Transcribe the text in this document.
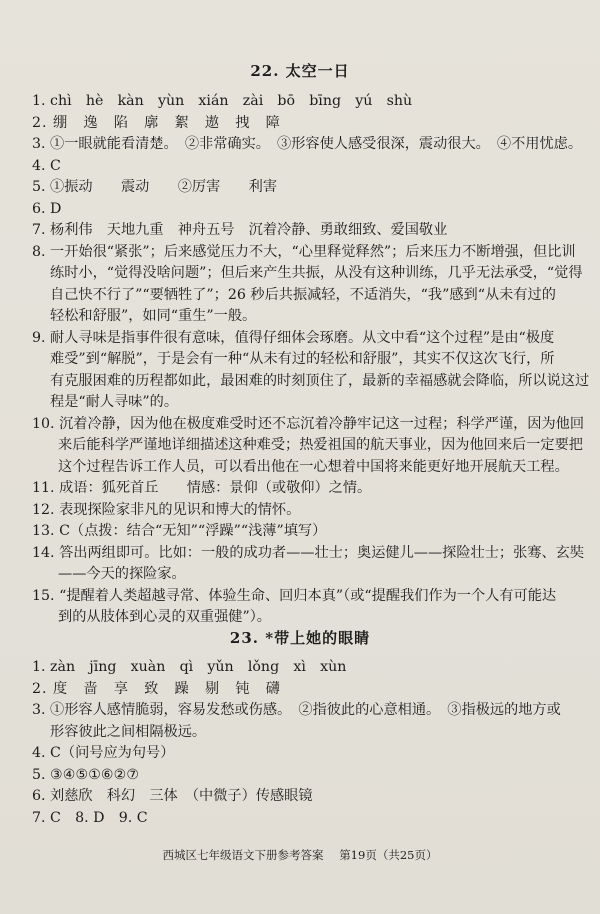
22. 太空一日
1. chì　hè　kàn　yùn　xián　zài　bō　bīng　yú　shù
2. 绷　逸　陷　廓　絮　遨　拽　障
3. ①一眼就能看清楚。　②非常确实。　③形容使人感受很深，震动很大。　④不用忧虑。
4. C
5. ①振动　　震动　　②厉害　　利害
6. D
7. 杨利伟　天地九重　神舟五号　沉着冷静、勇敢细致、爱国敬业
8. 一开始很“紧张”；后来感觉压力不大，“心里释觉释然”；后来压力不断增强，但比训
练时小，“觉得没啥问题”；但后来产生共振，从没有这种训练，几乎无法承受，“觉得
自己快不行了”“要牺牲了”；26 秒后共振减轻，不适消失，“我”感到“从未有过的
轻松和舒服”，如同“重生”一般。
9. 耐人寻味是指事件很有意味，值得仔细体会琢磨。从文中看“这个过程”是由“极度
难受”到“解脱”，于是会有一种“从未有过的轻松和舒服”，其实不仅这次飞行，所
有克服困难的历程都如此，最困难的时刻顶住了，最新的幸福感就会降临，所以说这过
程是“耐人寻味”的。
10. 沉着冷静，因为他在极度难受时还不忘沉着冷静牢记这一过程；科学严谨，因为他回
来后能科学严谨地详细描述这种难受；热爱祖国的航天事业，因为他回来后一定要把
这个过程告诉工作人员，可以看出他在一心想着中国将来能更好地开展航天工程。
11. 成语：狐死首丘　　情感：景仰（或敬仰）之情。
12. 表现探险家非凡的见识和博大的情怀。
13. C（点拨：结合“无知”“浮躁”“浅薄”填写）
14. 答出两组即可。比如：一般的成功者——壮士；奥运健儿——探险壮士；张骞、玄奘
——今天的探险家。
15. “提醒着人类超越寻常、体验生命、回归本真”（或“提醒我们作为一个人有可能达
到的从肢体到心灵的双重强健”）。
23. *带上她的眼睛
1. zàn　jīng　xuàn　qì　yǔn　lǒng　xì　xùn
2. 度　啬　享　致　躁　剔　钝　礴
3. ①形容人感情脆弱，容易发愁或伤感。　②指彼此的心意相通。　③指极远的地方或
形容彼此之间相隔极远。
4. C（问号应为句号）
5. ③④⑤①⑥②⑦
6. 刘慈欣　科幻　三体　（中微子）传感眼镜
7. C　8. D　9. C
西城区七年级语文下册参考答案 第19页（共25页）
